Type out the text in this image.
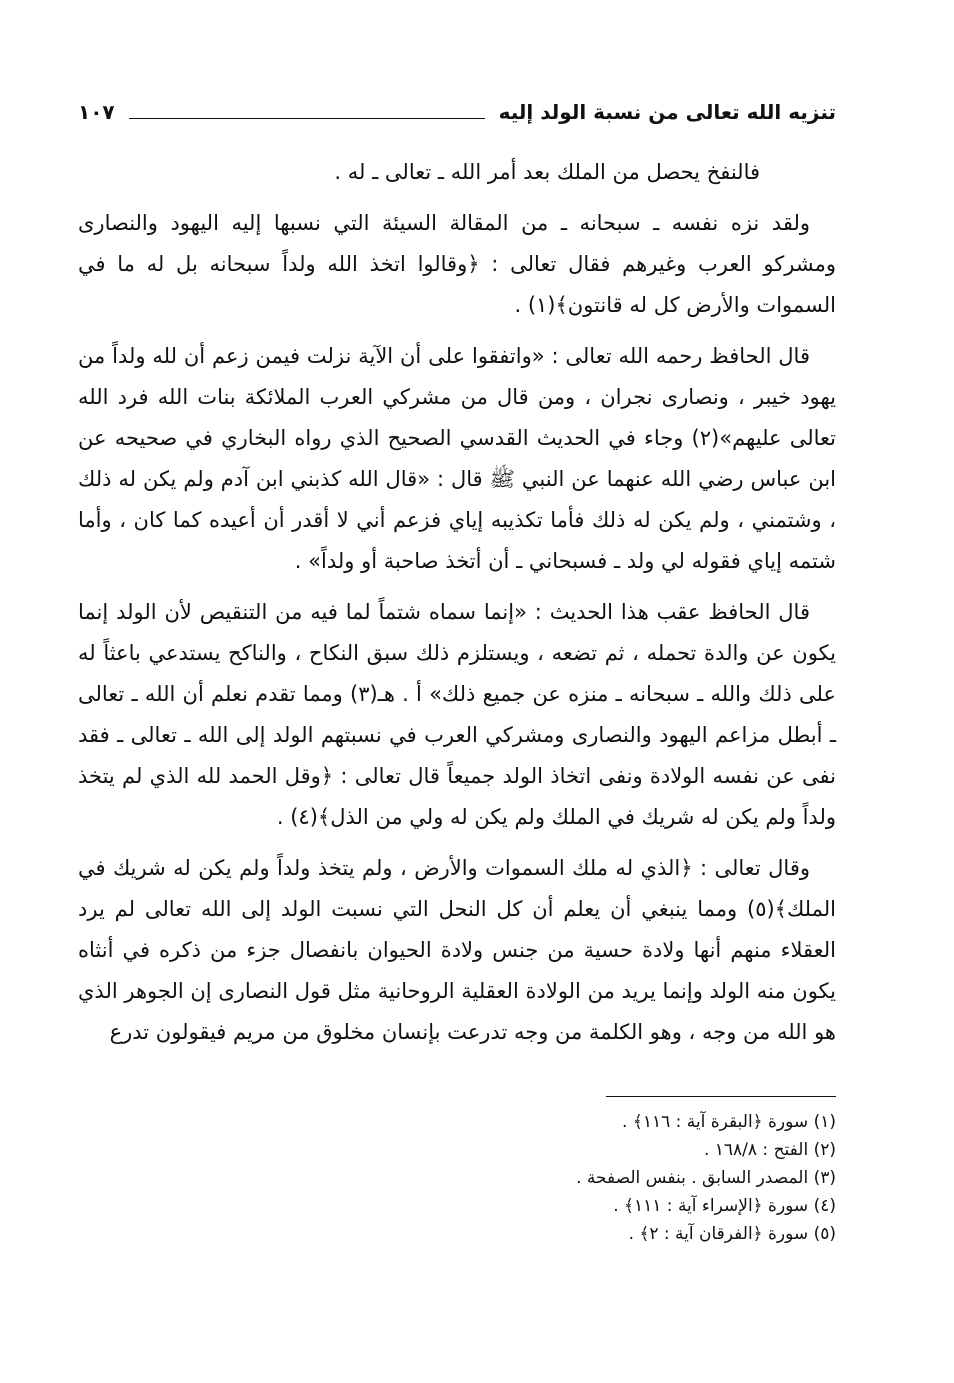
تنزيه الله تعالى من نسبة الولد إليه
١٠٧

فالنفخ يحصل من الملك بعد أمر الله ـ تعالى ـ له .

ولقد نزه نفسه ـ سبحانه ـ من المقالة السيئة التي نسبها إليه اليهود والنصارى ومشركو العرب وغيرهم فقال تعالى : ﴿وقالوا اتخذ الله ولداً سبحانه بل له ما في السموات والأرض كل له قانتون﴾(١) .

قال الحافظ رحمه الله تعالى : «واتفقوا على أن الآية نزلت فيمن زعم أن لله ولداً من يهود خيبر ، ونصارى نجران ، ومن قال من مشركي العرب الملائكة بنات الله فرد الله تعالى عليهم»(٢) وجاء في الحديث القدسي الصحيح الذي رواه البخاري في صحيحه عن ابن عباس رضي الله عنهما عن النبي ﷺ قال : «قال الله كذبني ابن آدم ولم يكن له ذلك ، وشتمني ، ولم يكن له ذلك فأما تكذيبه إياي فزعم أني لا أقدر أن أعيده كما كان ، وأما شتمه إياي فقوله لي ولد ـ فسبحاني ـ أن أتخذ صاحبة أو ولداً» .

قال الحافظ عقب هذا الحديث : «إنما سماه شتماً لما فيه من التنقيص لأن الولد إنما يكون عن والدة تحمله ، ثم تضعه ، ويستلزم ذلك سبق النكاح ، والناكح يستدعي باعثاً له على ذلك والله ـ سبحانه ـ منزه عن جميع ذلك» أ . هـ(٣) ومما تقدم نعلم أن الله ـ تعالى ـ أبطل مزاعم اليهود والنصارى ومشركي العرب في نسبتهم الولد إلى الله ـ تعالى ـ فقد نفى عن نفسه الولادة ونفى اتخاذ الولد جميعاً قال تعالى : ﴿وقل الحمد لله الذي لم يتخذ ولداً ولم يكن له شريك في الملك ولم يكن له ولي من الذل﴾(٤) .

وقال تعالى : ﴿الذي له ملك السموات والأرض ، ولم يتخذ ولداً ولم يكن له شريك في الملك﴾(٥) ومما ينبغي أن يعلم أن كل النحل التي نسبت الولد إلى الله تعالى لم يرد العقلاء منهم أنها ولادة حسية من جنس ولادة الحيوان بانفصال جزء من ذكره في أنثاه يكون منه الولد وإنما يريد من الولادة العقلية الروحانية مثل قول النصارى إن الجوهر الذي هو الله من وجه ، وهو الكلمة من وجه تدرعت بإنسان مخلوق من مريم فيقولون تدرع

(١) سورة ﴿البقرة آية : ١١٦﴾ .
(٢) الفتح : ١٦٨/٨ .
(٣) المصدر السابق . بنفس الصفحة .
(٤) سورة ﴿الإسراء آية : ١١١﴾ .
(٥) سورة ﴿الفرقان آية : ٢﴾ .
